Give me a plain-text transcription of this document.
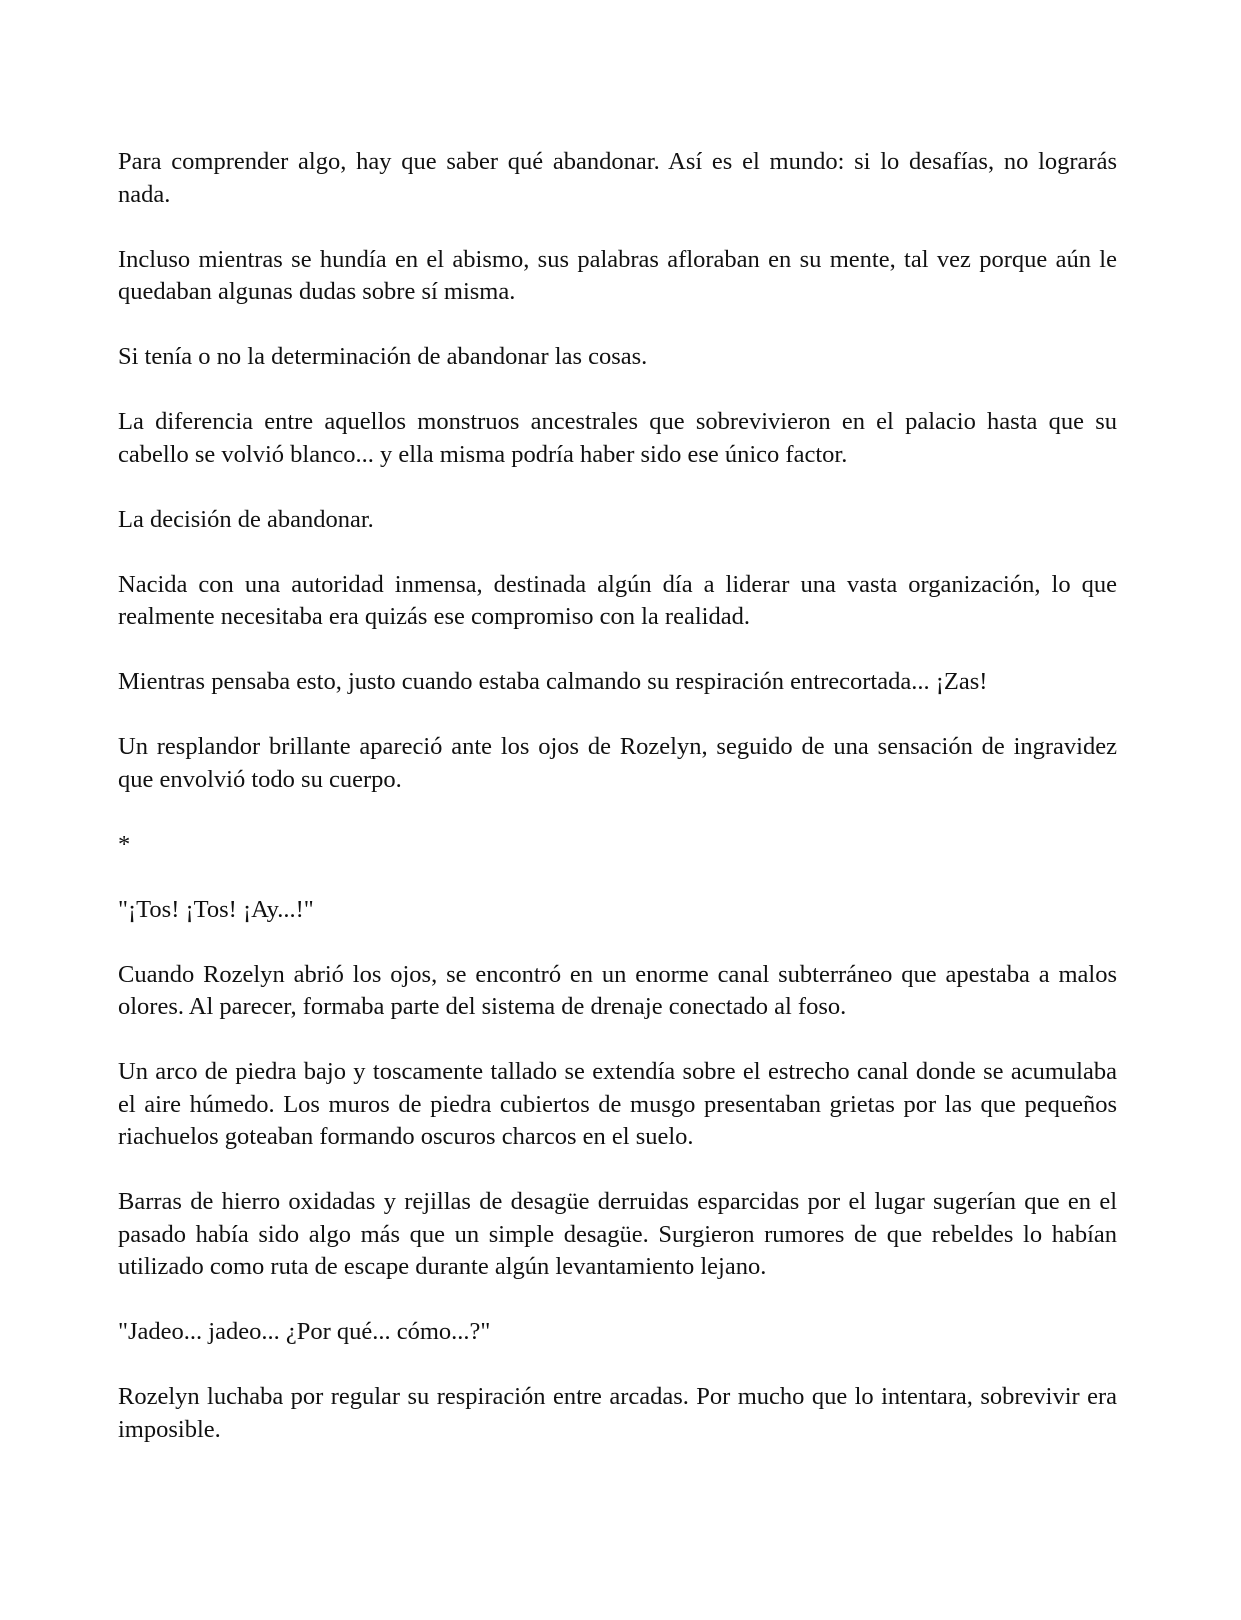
Para comprender algo, hay que saber qué abandonar. Así es el mundo: si lo desafías, no lograrás nada.

Incluso mientras se hundía en el abismo, sus palabras afloraban en su mente, tal vez porque aún le quedaban algunas dudas sobre sí misma.

Si tenía o no la determinación de abandonar las cosas.

La diferencia entre aquellos monstruos ancestrales que sobrevivieron en el palacio hasta que su cabello se volvió blanco... y ella misma podría haber sido ese único factor.

La decisión de abandonar.

Nacida con una autoridad inmensa, destinada algún día a liderar una vasta organización, lo que realmente necesitaba era quizás ese compromiso con la realidad.

Mientras pensaba esto, justo cuando estaba calmando su respiración entrecortada... ¡Zas!

Un resplandor brillante apareció ante los ojos de Rozelyn, seguido de una sensación de ingravidez que envolvió todo su cuerpo.

*

"¡Tos! ¡Tos! ¡Ay...!"

Cuando Rozelyn abrió los ojos, se encontró en un enorme canal subterráneo que apestaba a malos olores. Al parecer, formaba parte del sistema de drenaje conectado al foso.

Un arco de piedra bajo y toscamente tallado se extendía sobre el estrecho canal donde se acumulaba el aire húmedo. Los muros de piedra cubiertos de musgo presentaban grietas por las que pequeños riachuelos goteaban formando oscuros charcos en el suelo.

Barras de hierro oxidadas y rejillas de desagüe derruidas esparcidas por el lugar sugerían que en el pasado había sido algo más que un simple desagüe. Surgieron rumores de que rebeldes lo habían utilizado como ruta de escape durante algún levantamiento lejano.

"Jadeo... jadeo... ¿Por qué... cómo...?"

Rozelyn luchaba por regular su respiración entre arcadas. Por mucho que lo intentara, sobrevivir era imposible.
